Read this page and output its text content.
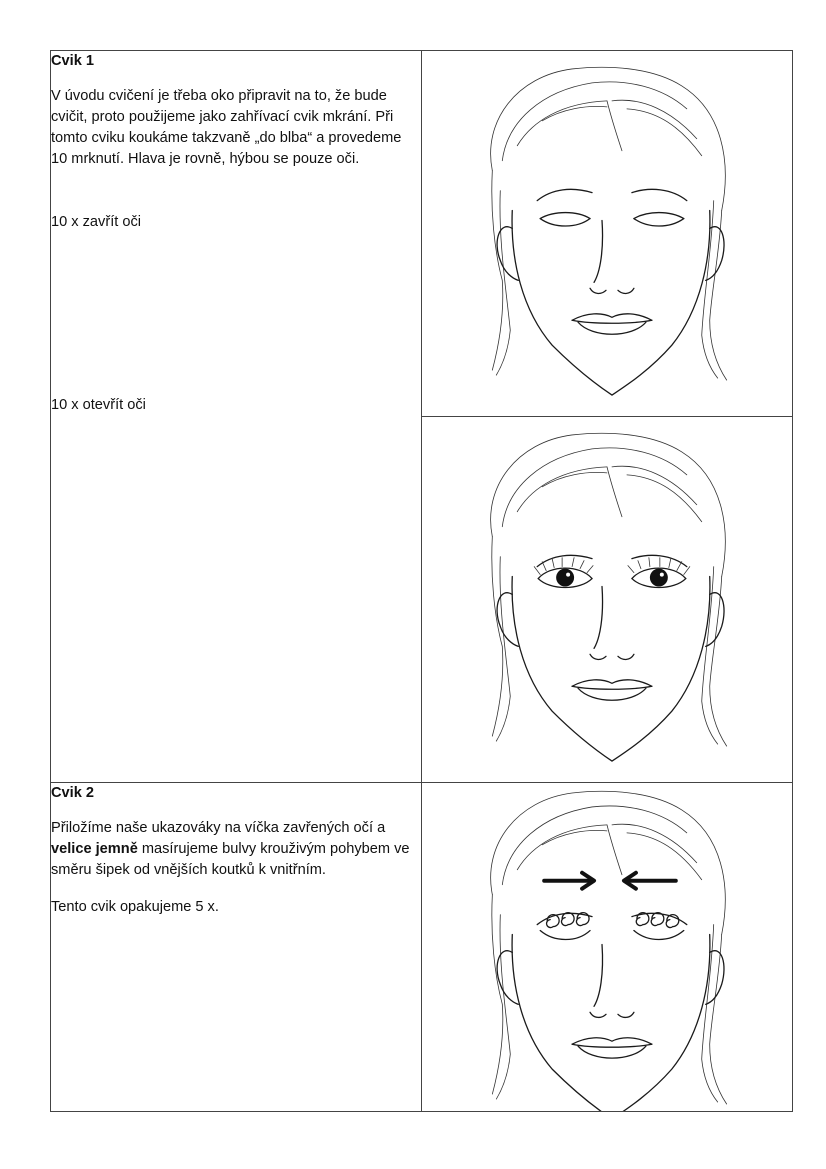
Cvik 1

V úvodu cvičení je třeba oko připravit na to, že bude cvičit, proto použijeme jako zahřívací cvik mkrání. Při tomto cviku koukáme takzvaně „do blba“ a provedeme 10 mrknutí. Hlava je rovně, hýbou se pouze oči.

10 x zavřít oči

10 x otevřít oči

Cvik 2

Přiložíme naše ukazováky na víčka zavřených očí a velice jemně masírujeme bulvy krouživým pohybem ve směru šipek od vnějších koutků k vnitřním.

Tento cvik opakujeme 5 x.
